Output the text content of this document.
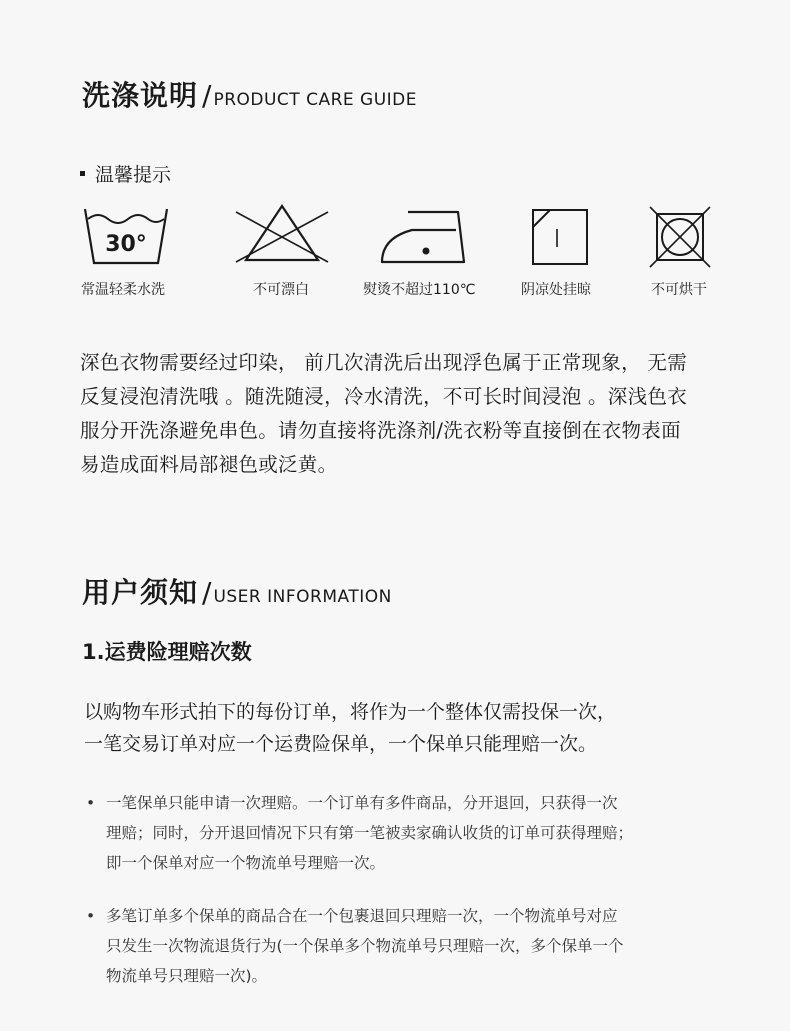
洗涤说明 / PRODUCT CARE GUIDE
温馨提示
30°
常温轻柔水洗	不可漂白	熨烫不超过110℃	阴凉处挂晾	不可烘干
深色衣物需要经过印染， 前几次清洗后出现浮色属于正常现象， 无需
反复浸泡清洗哦 。随洗随浸，冷水清洗，不可长时间浸泡 。深浅色衣
服分开洗涤避免串色。请勿直接将洗涤剂/洗衣粉等直接倒在衣物表面
易造成面料局部褪色或泛黄。
用户须知 / USER INFORMATION
1.运费险理赔次数
以购物车形式拍下的每份订单，将作为一个整体仅需投保一次，
一笔交易订单对应一个运费险保单，一个保单只能理赔一次。
• 一笔保单只能申请一次理赔。一个订单有多件商品，分开退回，只获得一次
理赔；同时，分开退回情况下只有第一笔被卖家确认收货的订单可获得理赔；
即一个保单对应一个物流单号理赔一次。
• 多笔订单多个保单的商品合在一个包裹退回只理赔一次，一个物流单号对应
只发生一次物流退货行为(一个保单多个物流单号只理赔一次，多个保单一个
物流单号只理赔一次)。
